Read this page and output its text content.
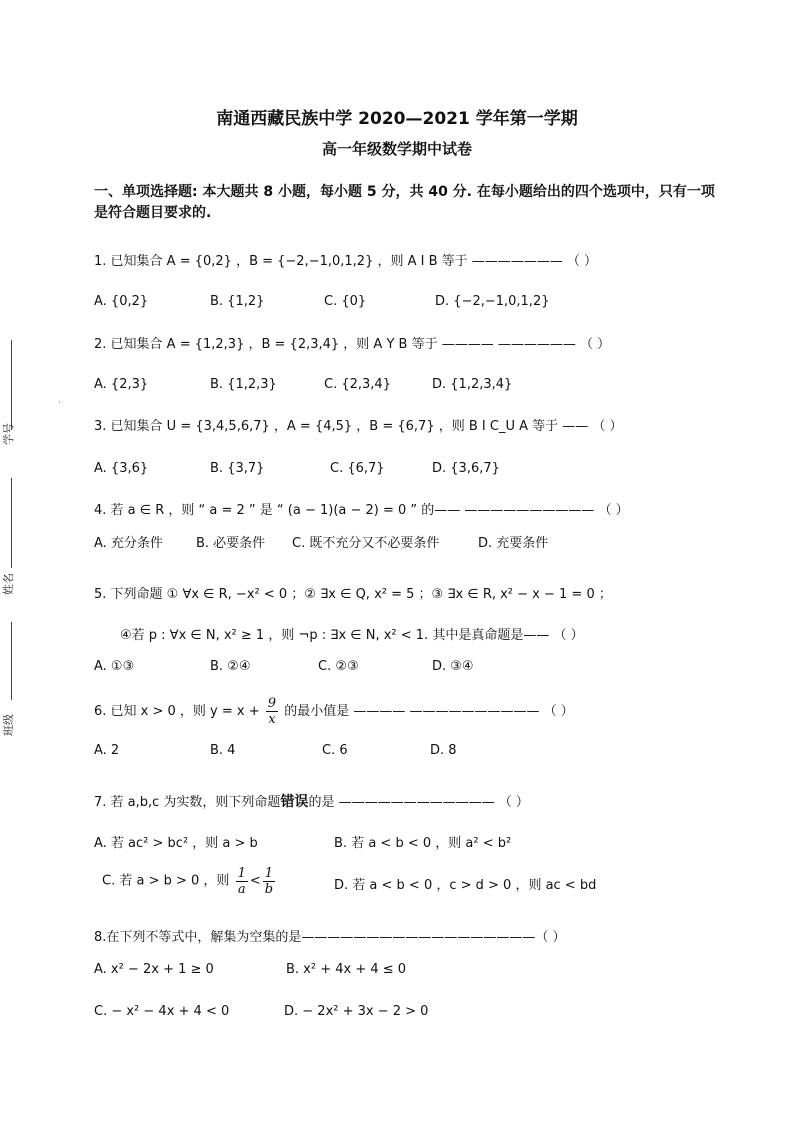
学号
姓名
班级
·
南通西藏民族中学 2020—2021 学年第一学期
高一年级数学期中试卷
一、单项选择题: 本大题共 8 小题，每小题 5 分，共 40 分. 在每小题给出的四个选项中，只有一项
是符合题目要求的.
1. 已知集合 A = {0,2} ，B = {−2,−1,0,1,2} ，则 A I B 等于 ——————— （ ）
A. {0,2}	B. {1,2}	C. {0}	D. {−2,−1,0,1,2}
2. 已知集合 A = {1,2,3} ，B = {2,3,4} ，则 A Y B 等于 ———— —————— （ ）
A. {2,3}	B. {1,2,3}	C. {2,3,4}	D. {1,2,3,4}
3. 已知集合 U = {3,4,5,6,7} ，A = {4,5} ，B = {6,7} ，则 B I C_U A 等于 —— （ ）
A. {3,6}	B. {3,7}	C. {6,7}	D. {3,6,7}
4. 若 a ∈ R ，则 “ a = 2 ” 是 “ (a − 1)(a − 2) = 0 ” 的—— —————————— （ ）
A. 充分条件	B. 必要条件 C. 既不充分又不必要条件	D. 充要条件
5. 下列命题 ① ∀x ∈ R, −x² < 0 ；② ∃x ∈ Q, x² = 5 ；③ ∃x ∈ R, x² − x − 1 = 0 ；
④若 p : ∀x ∈ N, x² ≥ 1 ，则 ¬p : ∃x ∈ N, x² < 1. 其中是真命题是—— （ ）
A. ①③	B. ②④	C. ②③	D. ③④
6. 已知 x > 0 ，则 $y = x + \frac{9}{x}$ 的最小值是 ———— —————————— （ ）
A. 2	B. 4	C. 6	D. 8
7. 若 a,b,c 为实数，则下列命题错误的是 ———————————— （ ）
A. 若 ac² > bc² ，则 a > b	B. 若 a < b < 0 ，则 a² < b²
C. 若 a > b > 0 ，则 $\frac{1}{a} < \frac{1}{b}$	D. 若 a < b < 0 ，c > d > 0 ，则 ac < bd
8.在下列不等式中，解集为空集的是——————————————————（ ）
A. x² − 2x + 1 ≥ 0	B. x² + 4x + 4 ≤ 0
C. − x² − 4x + 4 < 0	D. − 2x² + 3x − 2 > 0
